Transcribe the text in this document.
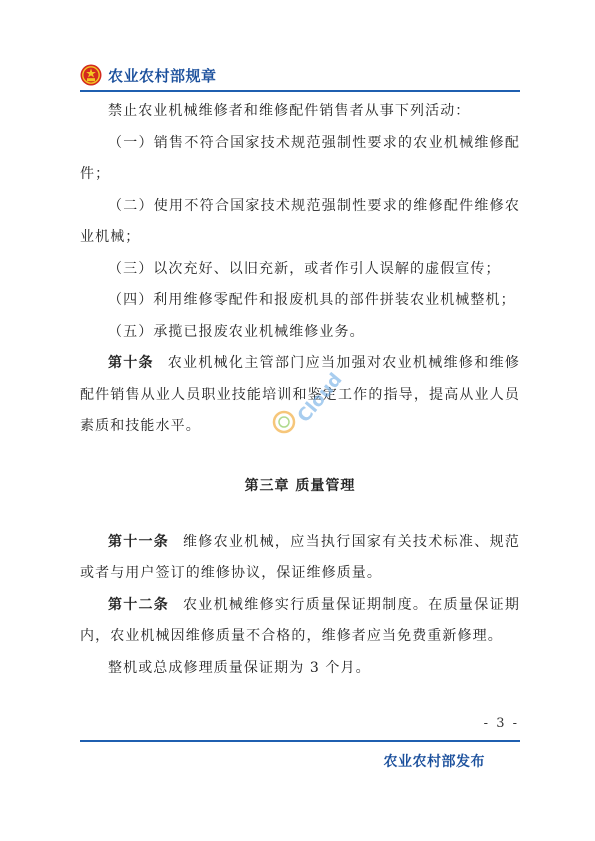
农业农村部规章

禁止农业机械维修者和维修配件销售者从事下列活动：

（一）销售不符合国家技术规范强制性要求的农业机械维修配件；

（二）使用不符合国家技术规范强制性要求的维修配件维修农业机械；

（三）以次充好、以旧充新，或者作引人误解的虚假宣传；

（四）利用维修零配件和报废机具的部件拼装农业机械整机；

（五）承揽已报废农业机械维修业务。

第十条 农业机械化主管部门应当加强对农业机械维修和维修配件销售从业人员职业技能培训和鉴定工作的指导，提高从业人员素质和技能水平。

第三章 质量管理

第十一条 维修农业机械，应当执行国家有关技术标准、规范或者与用户签订的维修协议，保证维修质量。

第十二条 农业机械维修实行质量保证期制度。在质量保证期内，农业机械因维修质量不合格的，维修者应当免费重新修理。

整机或总成修理质量保证期为 3 个月。

Cloud
- 3 -
农业农村部发布
